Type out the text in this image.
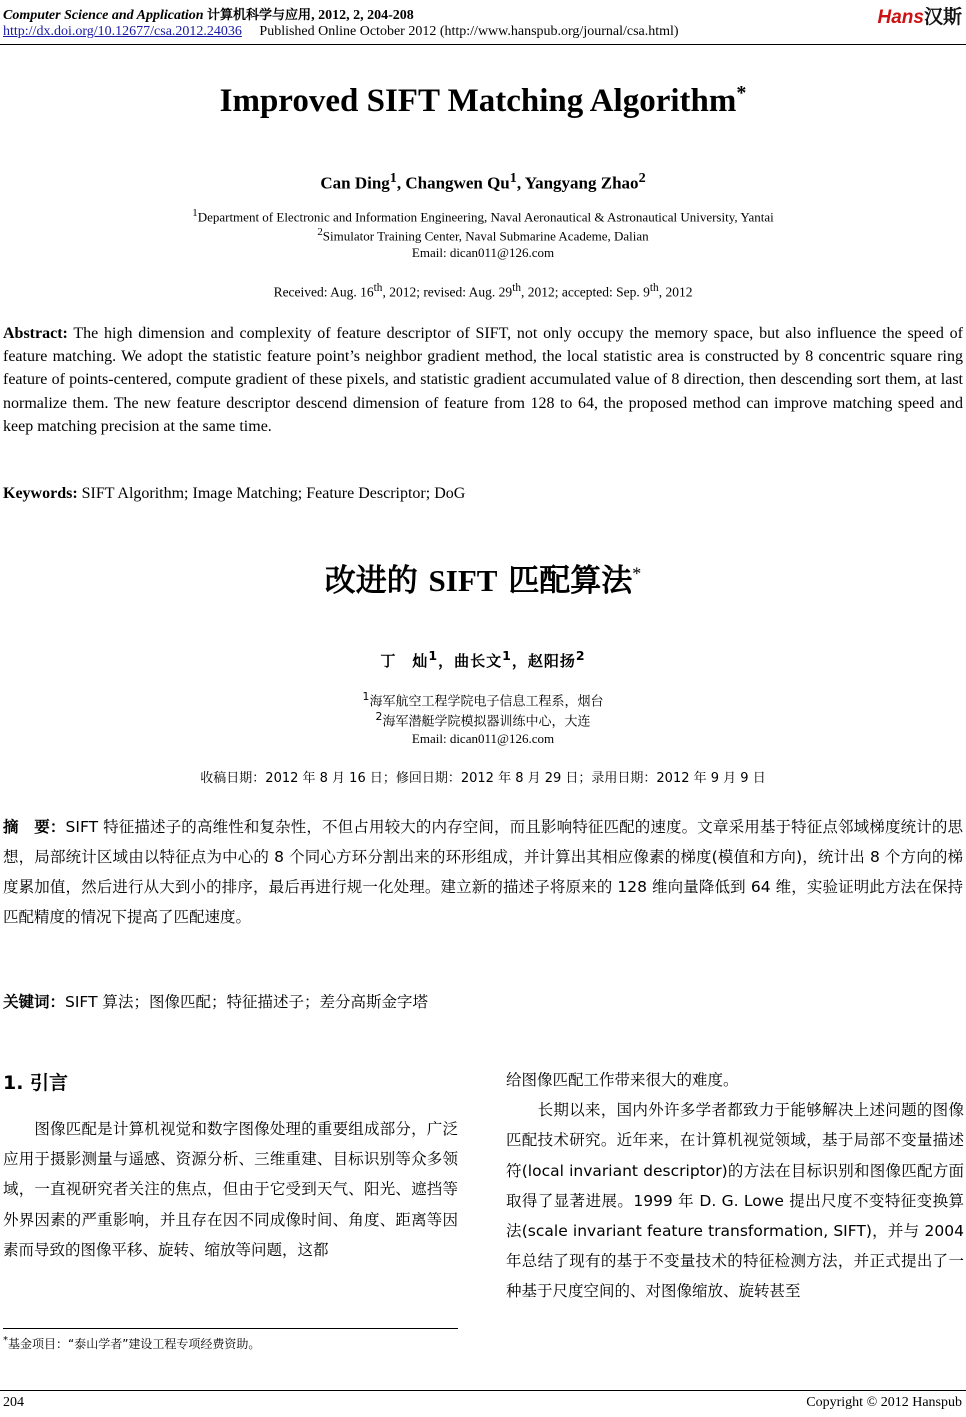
Computer Science and Application 计算机科学与应用, 2012, 2, 204-208
http://dx.doi.org/10.12677/csa.2012.24036 Published Online October 2012 (http://www.hanspub.org/journal/csa.html)
Hans汉斯
Improved SIFT Matching Algorithm*
Can Ding$^1$, Changwen Qu$^1$, Yangyang Zhao$^2$
$^1$Department of Electronic and Information Engineering, Naval Aeronautical & Astronautical University, Yantai
$^2$Simulator Training Center, Naval Submarine Academe, Dalian
Email: dican011@126.com
Received: Aug. 16th, 2012; revised: Aug. 29th, 2012; accepted: Sep. 9th, 2012
Abstract: The high dimension and complexity of feature descriptor of SIFT, not only occupy the memory space, but also influence the speed of feature matching. We adopt the statistic feature point’s neighbor gradient method, the local statistic area is constructed by 8 concentric square ring feature of points-centered, compute gradient of these pixels, and statistic gradient accumulated value of 8 direction, then descending sort them, at last normalize them. The new feature descriptor descend dimension of feature from 128 to 64, the proposed method can improve matching speed and keep matching precision at the same time.
Keywords: SIFT Algorithm; Image Matching; Feature Descriptor; DoG
改进的 SIFT 匹配算法*
丁　灿$^1$，曲长文$^1$，赵阳扬$^2$
$^1$海军航空工程学院电子信息工程系，烟台
$^2$海军潜艇学院模拟器训练中心，大连
Email: dican011@126.com
收稿日期：2012 年 8 月 16 日；修回日期：2012 年 8 月 29 日；录用日期：2012 年 9 月 9 日
摘　要：SIFT 特征描述子的高维性和复杂性，不但占用较大的内存空间，而且影响特征匹配的速度。文章采用基于特征点邻域梯度统计的思想，局部统计区域由以特征点为中心的 8 个同心方环分割出来的环形组成，并计算出其相应像素的梯度(模值和方向)，统计出 8 个方向的梯度累加值，然后进行从大到小的排序，最后再进行规一化处理。建立新的描述子将原来的 128 维向量降低到 64 维，实验证明此方法在保持匹配精度的情况下提高了匹配速度。
关键词：SIFT 算法；图像匹配；特征描述子；差分高斯金字塔
1. 引言
　　图像匹配是计算机视觉和数字图像处理的重要组成部分，广泛应用于摄影测量与遥感、资源分析、三维重建、目标识别等众多领域，一直视研究者关注的焦点，但由于它受到天气、阳光、遮挡等外界因素的严重影响，并且存在因不同成像时间、角度、距离等因素而导致的图像平移、旋转、缩放等问题，这都
给图像匹配工作带来很大的难度。
　　长期以来，国内外许多学者都致力于能够解决上述问题的图像匹配技术研究。近年来，在计算机视觉领域，基于局部不变量描述符(local invariant descriptor)的方法在目标识别和图像匹配方面取得了显著进展。1999 年 D. G. Lowe 提出尺度不变特征变换算法(scale invariant feature transformation, SIFT)，并与 2004 年总结了现有的基于不变量技术的特征检测方法，并正式提出了一种基于尺度空间的、对图像缩放、旋转甚至
*基金项目：“泰山学者”建设工程专项经费资助。
204	Copyright © 2012 Hanspub
